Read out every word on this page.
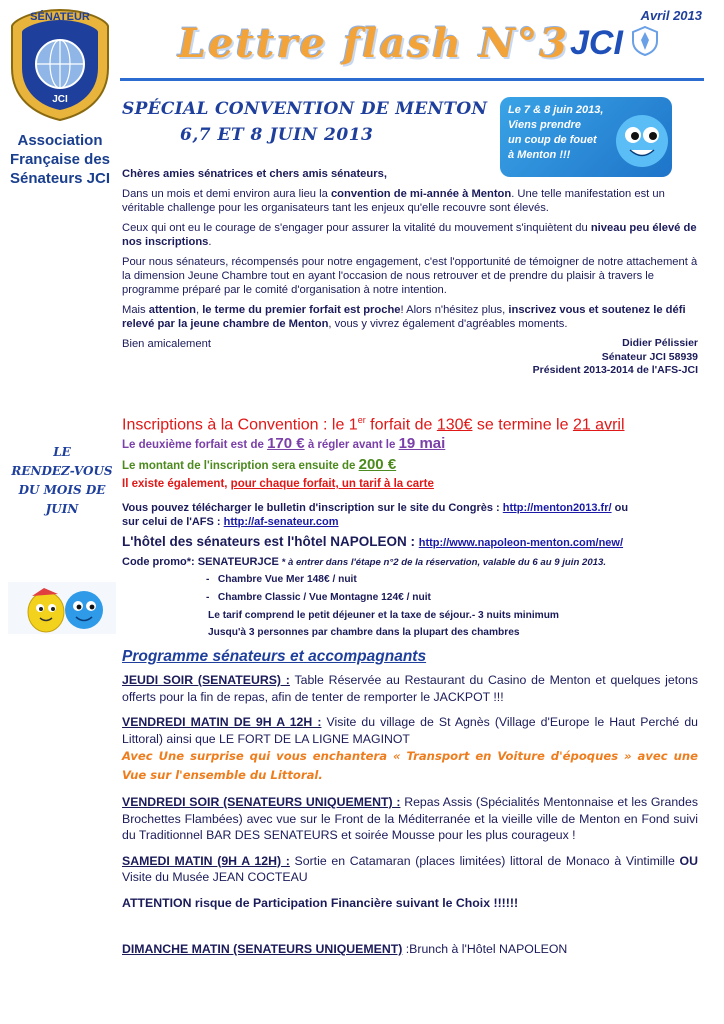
SÉNATEUR
JCI
Avril 2013
Lettre flash N°3 JCI
Association
Française des
Sénateurs JCI
LE
RENDEZ-VOUS
DU MOIS DE
JUIN
SPÉCIAL CONVENTION DE MENTON
6,7 ET 8 JUIN 2013
Le 7 & 8 juin 2013,
Viens prendre
un coup de fouet
à Menton !!!

Chères amies sénatrices et chers amis sénateurs,

Dans un mois et demi environ aura lieu la convention de mi-année à Menton. Une telle manifestation est un véritable challenge pour les organisateurs tant les enjeux qu'elle recouvre sont élevés.

Ceux qui ont eu le courage de s'engager pour assurer la vitalité du mouvement s'inquiètent du niveau peu élevé de nos inscriptions.

Pour nous sénateurs, récompensés pour notre engagement, c'est l'opportunité de témoigner de notre attachement à la dimension Jeune Chambre tout en ayant l'occasion de nous retrouver et de prendre du plaisir à travers le programme préparé par le comité d'organisation à notre intention.

Mais attention, le terme du premier forfait est proche! Alors n'hésitez plus, inscrivez vous et soutenez le défi relevé par la jeune chambre de Menton, vous y vivrez également d'agréables moments.

Bien amicalement	Didier Pélissier
Sénateur JCI 58939
Président 2013-2014 de l'AFS-JCI
Inscriptions à la Convention : le 1er forfait de 130€ se termine le 21 avril
Le deuxième forfait est de 170 € à régler avant le 19 mai
Le montant de l'inscription sera ensuite de 200 €
Il existe également, pour chaque forfait, un tarif à la carte
Vous pouvez télécharger le bulletin d'inscription sur le site du Congrès : http://menton2013.fr/ ou
sur celui de l'AFS : http://af-senateur.com
L'hôtel des sénateurs est l'hôtel NAPOLEON : http://www.napoleon-menton.com/new/
Code promo*: SENATEURJCE * à entrer dans l'étape n°2 de la réservation, valable du 6 au 9 juin 2013.
-   Chambre Vue Mer 148€ / nuit
-   Chambre Classic / Vue Montagne 124€ / nuit
Le tarif comprend le petit déjeuner et la taxe de séjour.- 3 nuits minimum
Jusqu'à 3 personnes par chambre dans la plupart des chambres
Programme sénateurs et accompagnants

JEUDI SOIR (SENATEURS) : Table Réservée au Restaurant du Casino de Menton et quelques jetons offerts pour la fin de repas, afin de tenter de remporter le JACKPOT !!!

VENDREDI MATIN DE 9H A 12H : Visite du village de St Agnès (Village d'Europe le Haut Perché du Littoral) ainsi que LE FORT DE LA LIGNE MAGINOT
Avec Une surprise qui vous enchantera « Transport en Voiture d'époques » avec une Vue sur l'ensemble du Littoral.

VENDREDI SOIR (SENATEURS UNIQUEMENT) : Repas Assis (Spécialités Mentonnaise et les Grandes Brochettes Flambées) avec vue sur le Front de la Méditerranée et la vieille ville de Menton en Fond suivi du Traditionnel BAR DES SENATEURS et soirée Mousse pour les plus courageux !

SAMEDI MATIN (9H A 12H) : Sortie en Catamaran (places limitées) littoral de Monaco à Vintimille OU Visite du Musée JEAN COCTEAU

ATTENTION risque de Participation Financière suivant le Choix !!!!!!

DIMANCHE MATIN (SENATEURS UNIQUEMENT) :Brunch à l'Hôtel NAPOLEON
